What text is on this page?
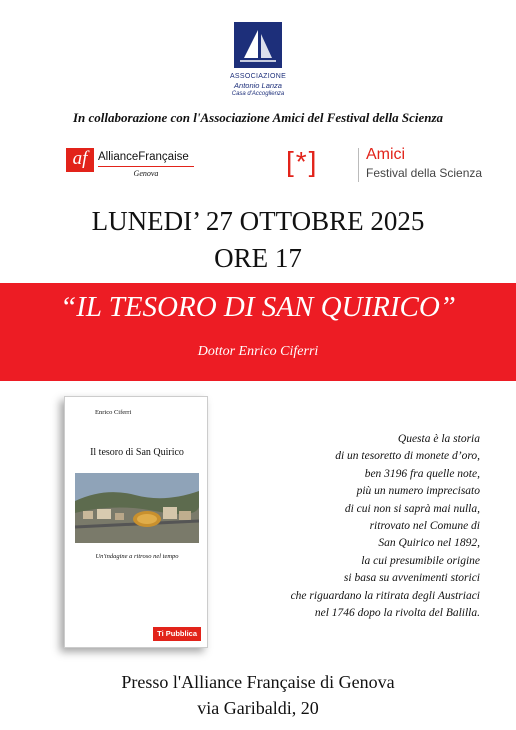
ASSOCIAZIONE
Antonio Lanza
Casa d'Accoglienza
In collaborazione con l'Associazione Amici del Festival della Scienza
af AllianceFrançaise
Genova	[*]	Amici
Festival della Scienza
LUNEDI’ 27 OTTOBRE 2025
ORE 17
“IL TESORO DI SAN QUIRICO”
Dottor Enrico Ciferri
Enrico Ciferri
Il tesoro di San Quirico
Un'indagine a ritroso nel tempo
Ti Pubblica
Questa è la storia
di un tesoretto di monete d’oro,
ben 3196 fra quelle note,
più un numero imprecisato
di cui non si saprà mai nulla,
ritrovato nel Comune di
San Quirico nel 1892,
la cui presumibile origine
si basa su avvenimenti storici
che riguardano la ritirata degli Austriaci
nel 1746 dopo la rivolta del Balilla.
Presso l'Alliance Française di Genova
via Garibaldi, 20
